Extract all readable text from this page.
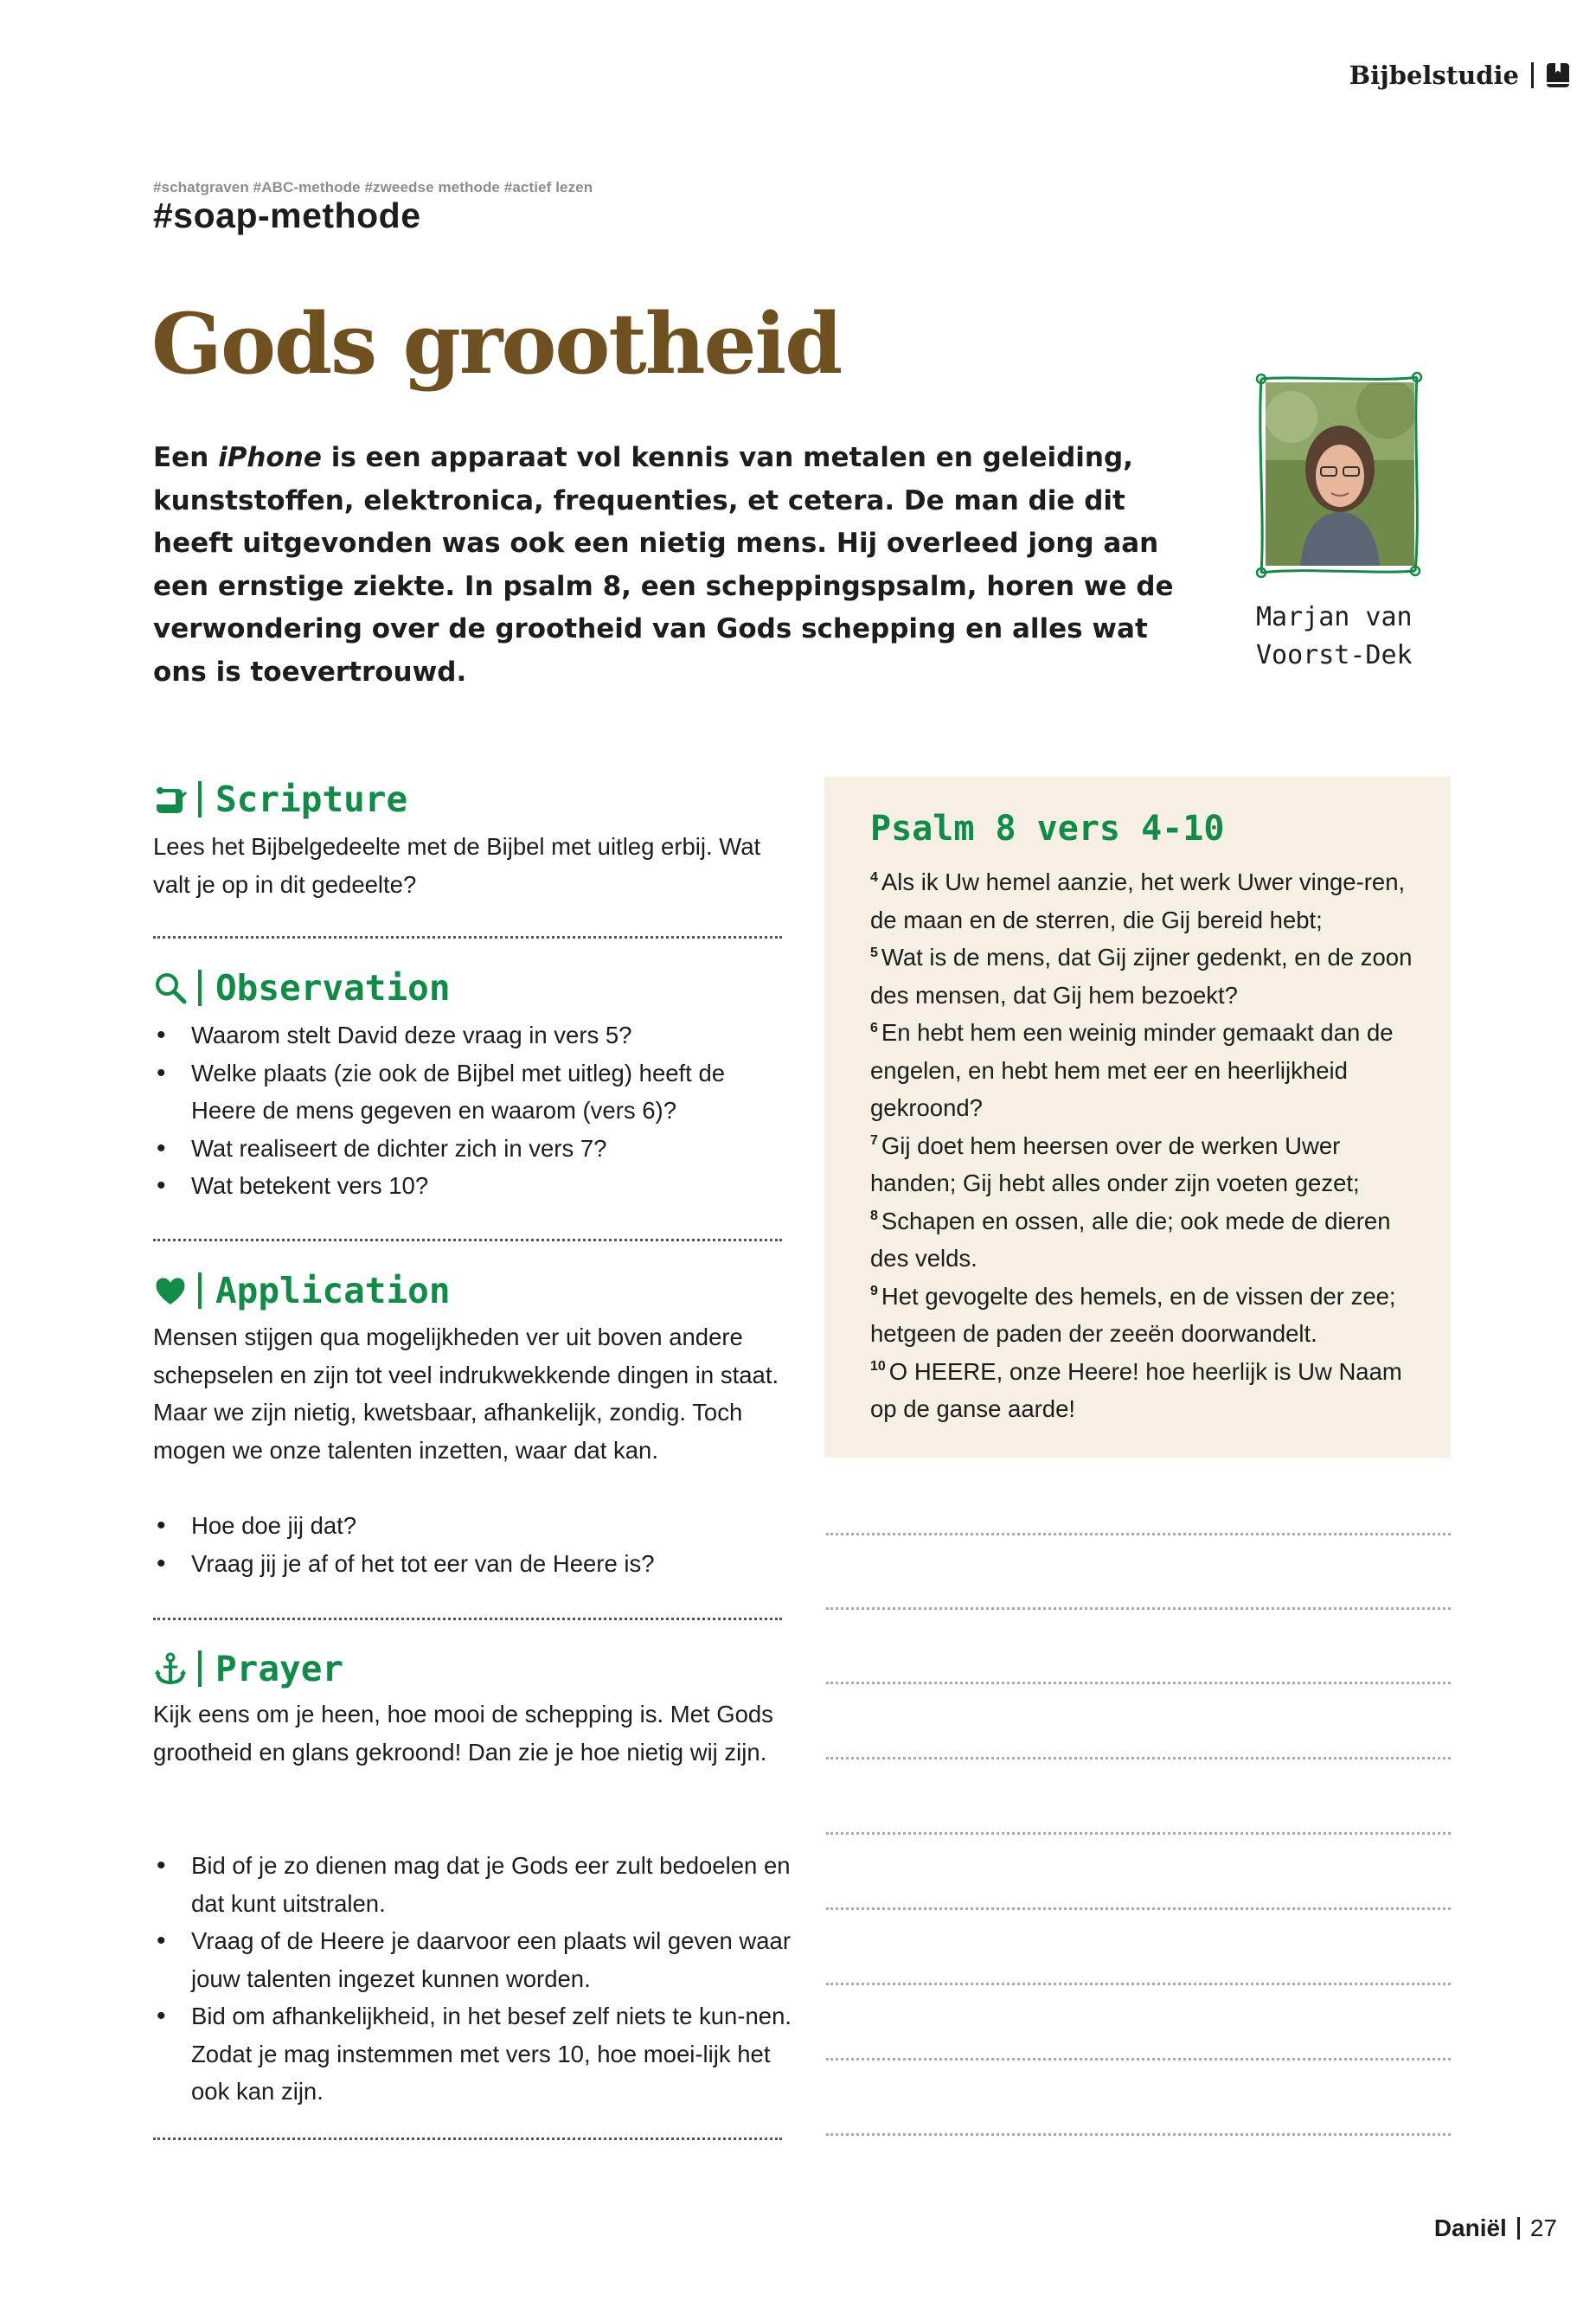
Bijbelstudie
#schatgraven #ABC-methode #zweedse methode #actief lezen
#soap-methode
Gods grootheid
Een iPhone is een apparaat vol kennis van metalen en geleiding, kunststoffen, elektronica, frequenties, et cetera. De man die dit heeft uitgevonden was ook een nietig mens. Hij overleed jong aan een ernstige ziekte. In psalm 8, een scheppingspsalm, horen we de verwondering over de grootheid van Gods schepping en alles wat ons is toevertrouwd.
Marjan van
Voorst-Dek
Scripture
Lees het Bijbelgedeelte met de Bijbel met uitleg erbij. Wat valt je op in dit gedeelte?
Observation
• Waarom stelt David deze vraag in vers 5?
• Welke plaats (zie ook de Bijbel met uitleg) heeft de Heere de mens gegeven en waarom (vers 6)?
• Wat realiseert de dichter zich in vers 7?
• Wat betekent vers 10?
Application
Mensen stijgen qua mogelijkheden ver uit boven andere schepselen en zijn tot veel indrukwekkende dingen in staat. Maar we zijn nietig, kwetsbaar, afhankelijk, zondig. Toch mogen we onze talenten inzetten, waar dat kan.
• Hoe doe jij dat?
• Vraag jij je af of het tot eer van de Heere is?
Prayer
Kijk eens om je heen, hoe mooi de schepping is. Met Gods grootheid en glans gekroond! Dan zie je hoe nietig wij zijn.
• Bid of je zo dienen mag dat je Gods eer zult bedoelen en dat kunt uitstralen.
• Vraag of de Heere je daarvoor een plaats wil geven waar jouw talenten ingezet kunnen worden.
• Bid om afhankelijkheid, in het besef zelf niets te kun-nen. Zodat je mag instemmen met vers 10, hoe moei-lijk het ook kan zijn.
Psalm 8 vers 4-10
$^4$ Als ik Uw hemel aanzie, het werk Uwer vinge-ren, de maan en de sterren, die Gij bereid hebt;
$^5$ Wat is de mens, dat Gij zijner gedenkt, en de zoon des mensen, dat Gij hem bezoekt?
$^6$ En hebt hem een weinig minder gemaakt dan de engelen, en hebt hem met eer en heerlijkheid gekroond?
$^7$ Gij doet hem heersen over de werken Uwer handen; Gij hebt alles onder zijn voeten gezet;
$^8$ Schapen en ossen, alle die; ook mede de dieren des velds.
$^9$ Het gevogelte des hemels, en de vissen der zee; hetgeen de paden der zeeën doorwandelt.
$^{10}$ O HEERE, onze Heere! hoe heerlijk is Uw Naam op de ganse aarde!
Daniël 27
